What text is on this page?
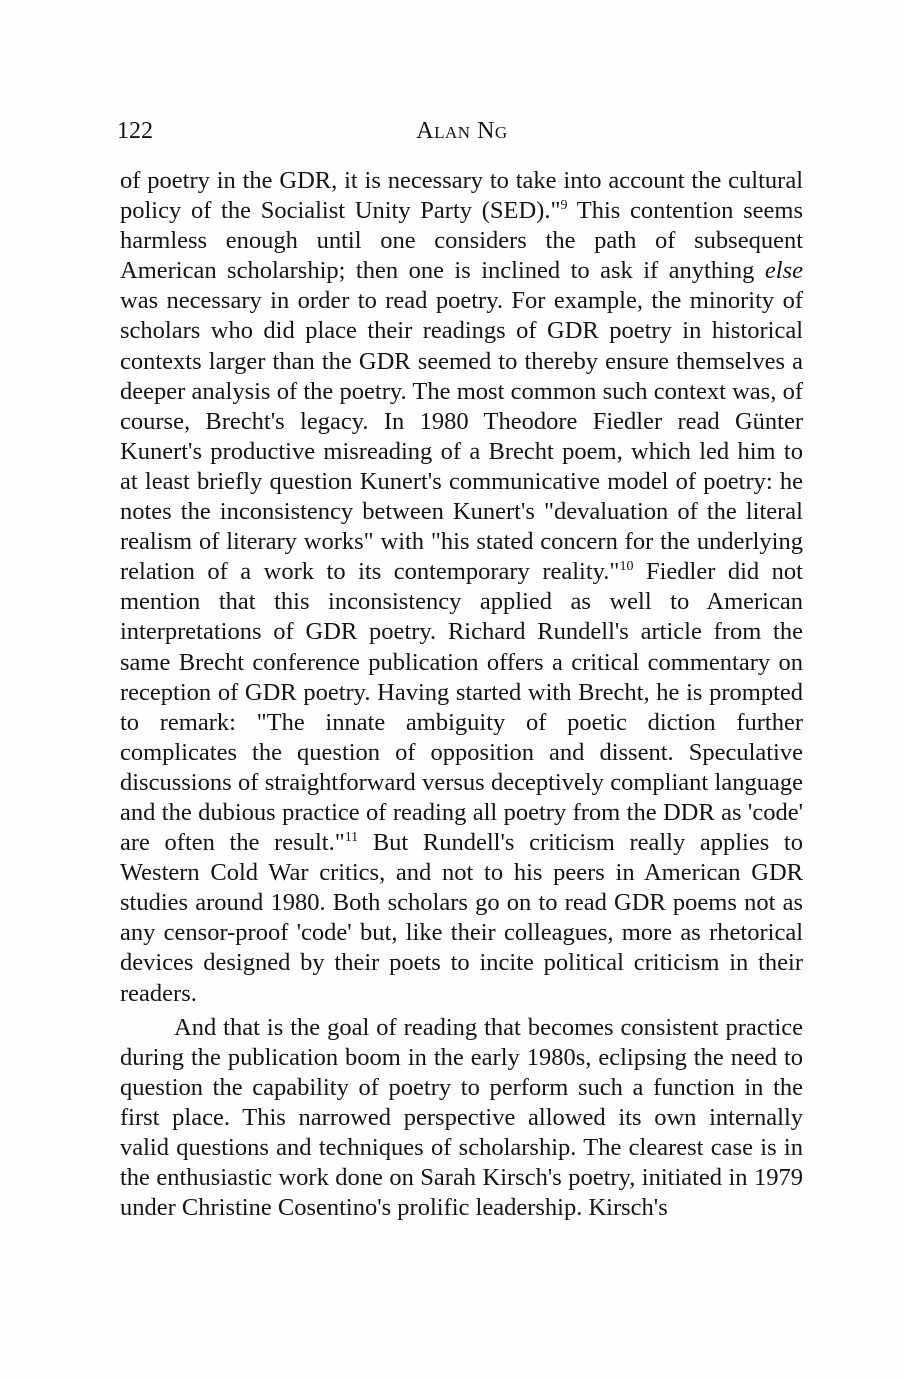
122	Alan Ng

of poetry in the GDR, it is necessary to take into account the cultural policy of the Socialist Unity Party (SED)."$^9$ This contention seems harmless enough until one considers the path of subsequent American scholarship; then one is inclined to ask if anything else was necessary in order to read poetry. For example, the minority of scholars who did place their readings of GDR poetry in historical contexts larger than the GDR seemed to thereby ensure themselves a deeper analysis of the poetry. The most common such context was, of course, Brecht's legacy. In 1980 Theodore Fiedler read Günter Kunert's productive misreading of a Brecht poem, which led him to at least briefly question Kunert's communicative model of poetry: he notes the inconsistency between Kunert's "devaluation of the literal realism of literary works" with "his stated concern for the underlying relation of a work to its contemporary reality."$^{10}$ Fiedler did not mention that this inconsistency applied as well to American interpretations of GDR poetry. Richard Rundell's article from the same Brecht conference publication offers a critical commentary on reception of GDR poetry. Having started with Brecht, he is prompted to remark: "The innate ambiguity of poetic diction further complicates the question of opposition and dissent. Speculative discussions of straightforward versus deceptively compliant language and the dubious practice of reading all poetry from the DDR as 'code' are often the result."$^{11}$ But Rundell's criticism really applies to Western Cold War critics, and not to his peers in American GDR studies around 1980. Both scholars go on to read GDR poems not as any censor-proof 'code' but, like their colleagues, more as rhetorical devices designed by their poets to incite political criticism in their readers.

And that is the goal of reading that becomes consistent practice during the publication boom in the early 1980s, eclipsing the need to question the capability of poetry to perform such a function in the first place. This narrowed perspective allowed its own internally valid questions and techniques of scholarship. The clearest case is in the enthusiastic work done on Sarah Kirsch's poetry, initiated in 1979 under Christine Cosentino's prolific leadership. Kirsch's
